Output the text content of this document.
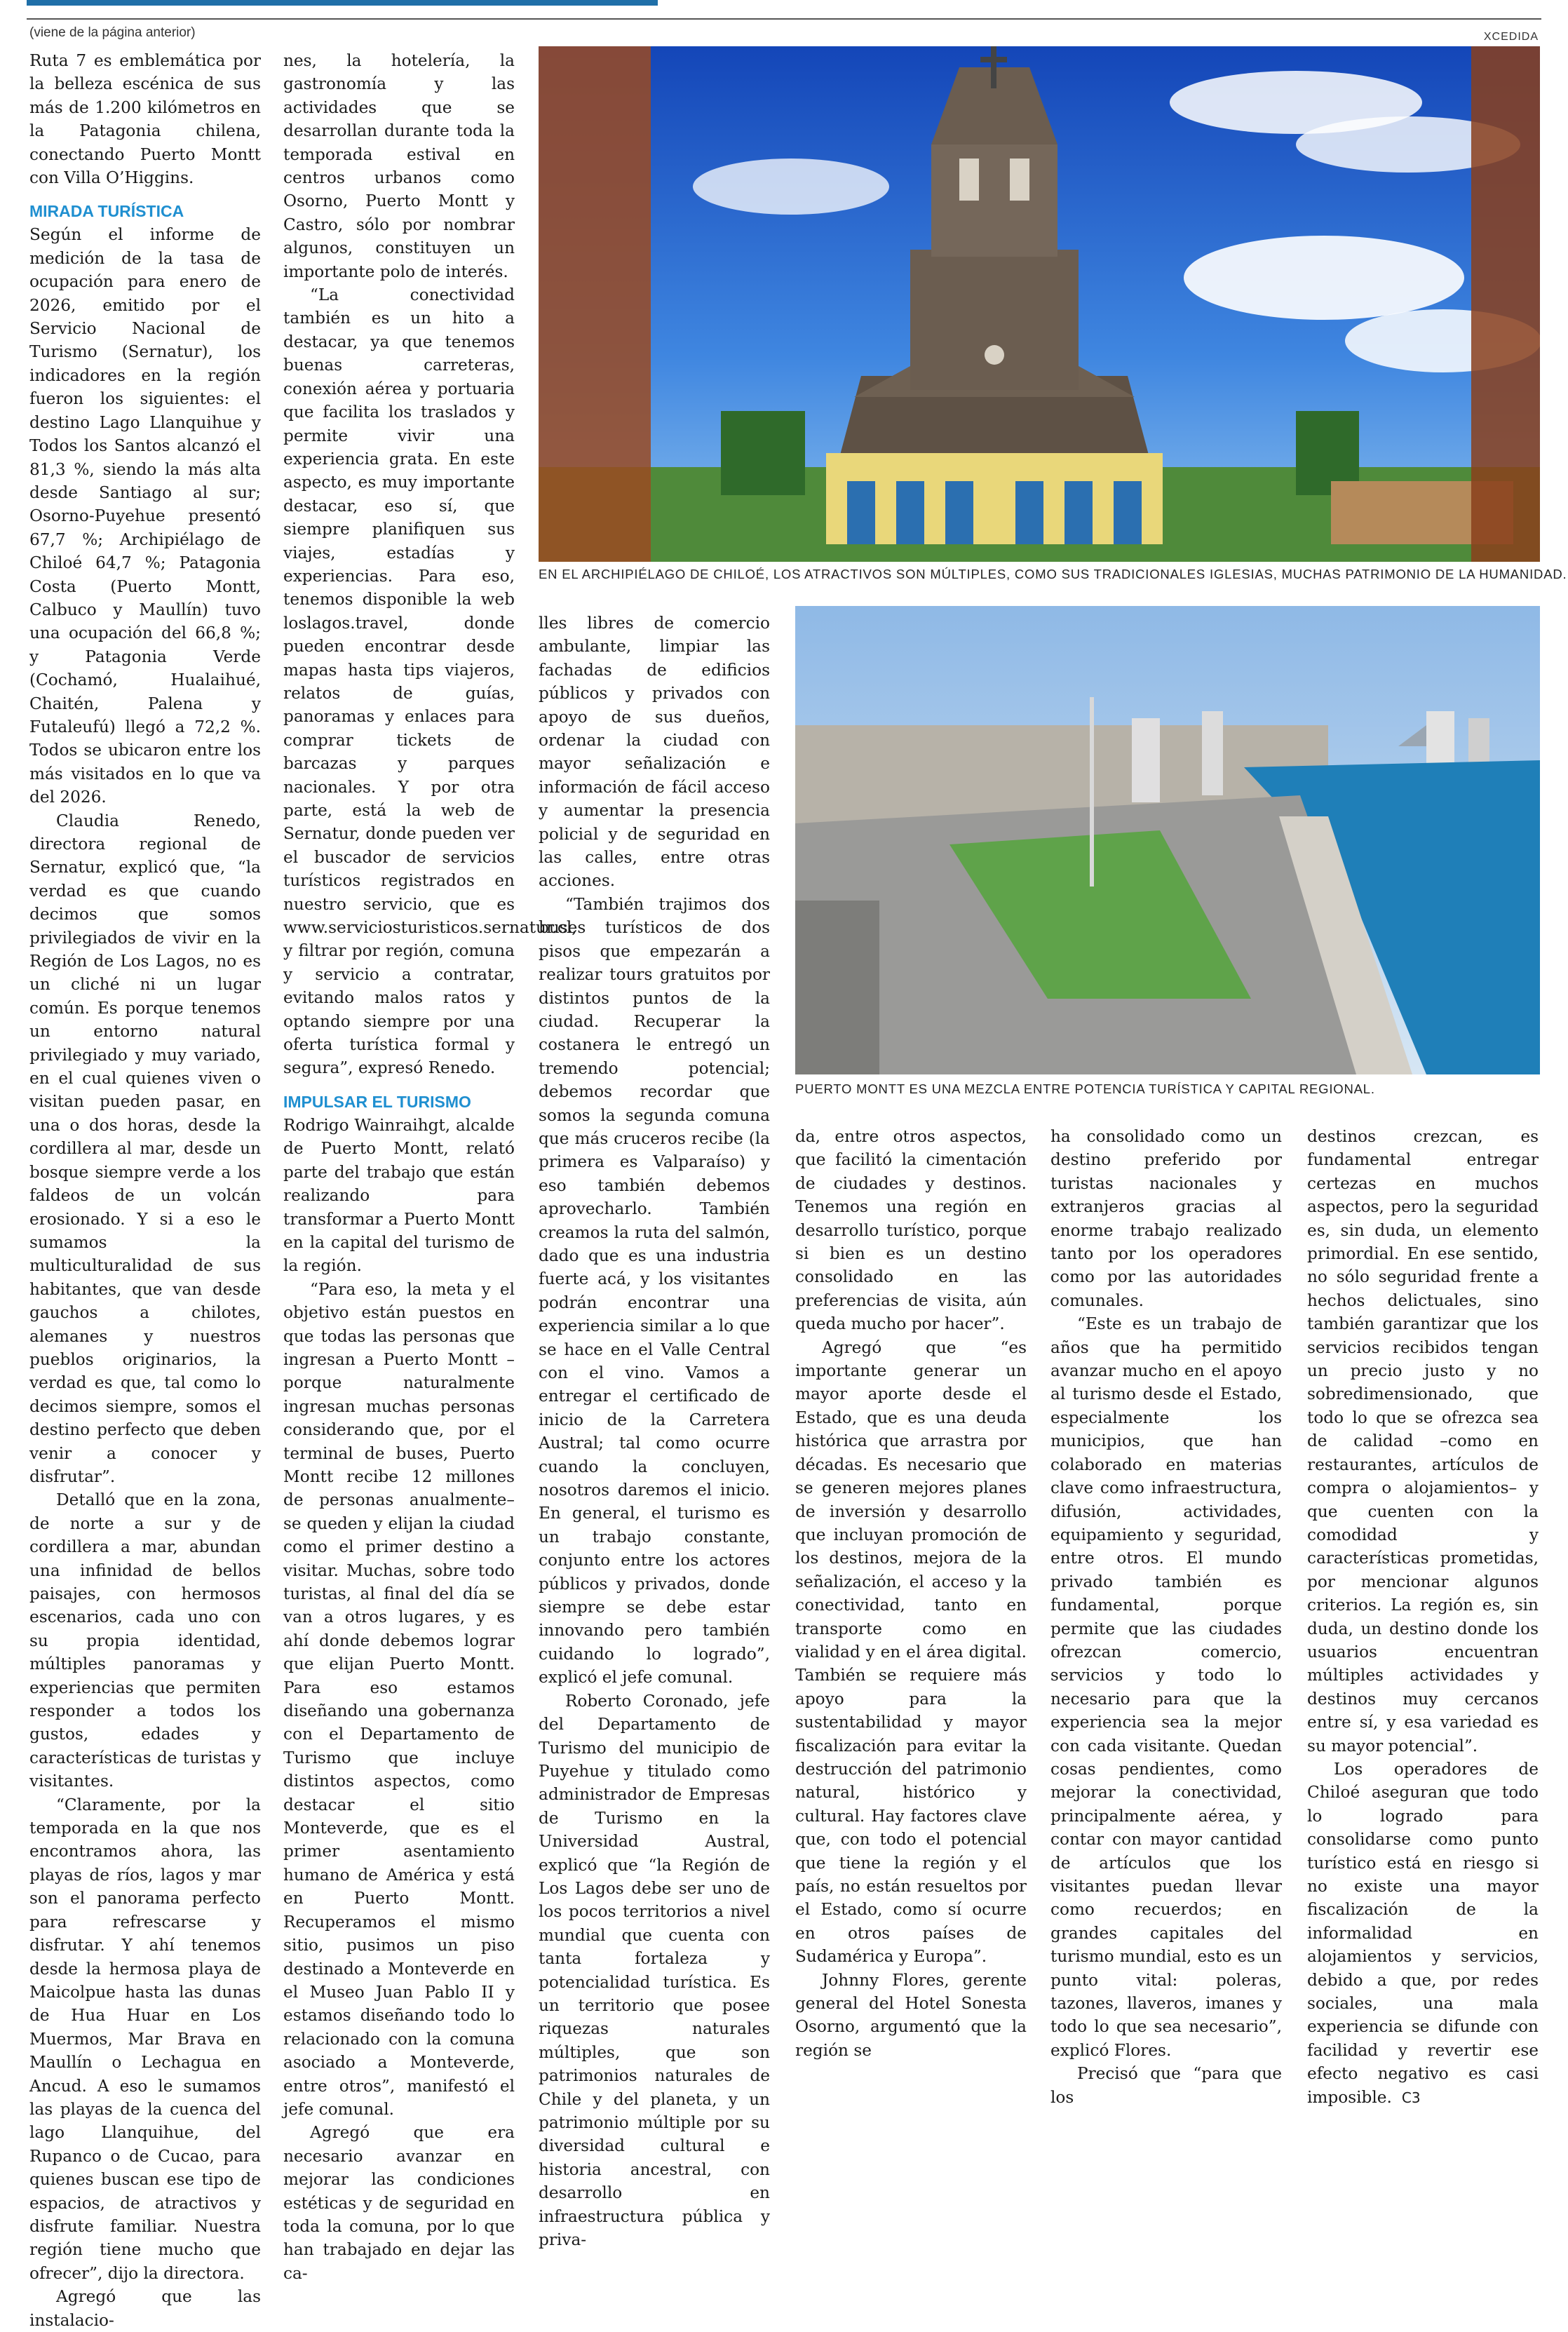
(viene de la página anterior)	XCEDIDA

Ruta 7 es emblemática por la belleza escénica de sus más de 1.200 kilómetros en la Patagonia chilena, conectando Puerto Montt con Villa O’Higgins.

MIRADA TURÍSTICA

Según el informe de medición de la tasa de ocupación para enero de 2026, emitido por el Servicio Nacional de Turismo (Sernatur), los indicadores en la región fueron los siguientes: el destino Lago Llanquihue y Todos los Santos alcanzó el 81,3 %, siendo la más alta desde Santiago al sur; Osorno-Puyehue presentó 67,7 %; Archipiélago de Chiloé 64,7 %; Patagonia Costa (Puerto Montt, Calbuco y Maullín) tuvo una ocupación del 66,8 %; y Patagonia Verde (Cochamó, Hualaihué, Chaitén, Palena y Futaleufú) llegó a 72,2 %. Todos se ubicaron entre los más visitados en lo que va del 2026.

Claudia Renedo, directora regional de Sernatur, explicó que, “la verdad es que cuando decimos que somos privilegiados de vivir en la Región de Los Lagos, no es un cliché ni un lugar común. Es porque tenemos un entorno natural privilegiado y muy variado, en el cual quienes viven o visitan pueden pasar, en una o dos horas, desde la cordillera al mar, desde un bosque siempre verde a los faldeos de un volcán erosionado. Y si a eso le sumamos la multiculturalidad de sus habitantes, que van desde gauchos a chilotes, alemanes y nuestros pueblos originarios, la verdad es que, tal como lo decimos siempre, somos el destino perfecto que deben venir a conocer y disfrutar”.

Detalló que en la zona, de norte a sur y de cordillera a mar, abundan una infinidad de bellos paisajes, con hermosos escenarios, cada uno con su propia identidad, múltiples panoramas y experiencias que permiten responder a todos los gustos, edades y características de turistas y visitantes.

“Claramente, por la temporada en la que nos encontramos ahora, las playas de ríos, lagos y mar son el panorama perfecto para refrescarse y disfrutar. Y ahí tenemos desde la hermosa playa de Maicolpue hasta las dunas de Hua Huar en Los Muermos, Mar Brava en Maullín o Lechagua en Ancud. A eso le sumamos las playas de la cuenca del lago Llanquihue, del Rupanco o de Cucao, para quienes buscan ese tipo de espacios, de atractivos y disfrute familiar. Nuestra región tiene mucho que ofrecer”, dijo la directora.

Agregó que las instalacio-

nes, la hotelería, la gastronomía y las actividades que se desarrollan durante toda la temporada estival en centros urbanos como Osorno, Puerto Montt y Castro, sólo por nombrar algunos, constituyen un importante polo de interés.

“La conectividad también es un hito a destacar, ya que tenemos buenas carreteras, conexión aérea y portuaria que facilita los traslados y permite vivir una experiencia grata. En este aspecto, es muy importante destacar, eso sí, que siempre planifiquen sus viajes, estadías y experiencias. Para eso, tenemos disponible la web loslagos.travel, donde pueden encontrar desde mapas hasta tips viajeros, relatos de guías, panoramas y enlaces para comprar tickets de barcazas y parques nacionales. Y por otra parte, está la web de Sernatur, donde pueden ver el buscador de servicios turísticos registrados en nuestro servicio, que es www.serviciosturisticos.sernatur.cl, y filtrar por región, comuna y servicio a contratar, evitando malos ratos y optando siempre por una oferta turística formal y segura”, expresó Renedo.

IMPULSAR EL TURISMO

Rodrigo Wainraihgt, alcalde de Puerto Montt, relató parte del trabajo que están realizando para transformar a Puerto Montt en la capital del turismo de la región.

“Para eso, la meta y el objetivo están puestos en que todas las personas que ingresan a Puerto Montt –porque naturalmente ingresan muchas personas considerando que, por el terminal de buses, Puerto Montt recibe 12 millones de personas anualmente– se queden y elijan la ciudad como el primer destino a visitar. Muchas, sobre todo turistas, al final del día se van a otros lugares, y es ahí donde debemos lograr que elijan Puerto Montt. Para eso estamos diseñando una gobernanza con el Departamento de Turismo que incluye distintos aspectos, como destacar el sitio Monteverde, que es el primer asentamiento humano de América y está en Puerto Montt. Recuperamos el mismo sitio, pusimos un piso destinado a Monteverde en el Museo Juan Pablo II y estamos diseñando todo lo relacionado con la comuna asociado a Monteverde, entre otros”, manifestó el jefe comunal.

Agregó que era necesario avanzar en mejorar las condiciones estéticas y de seguridad en toda la comuna, por lo que han trabajado en dejar las ca-

EN EL ARCHIPIÉLAGO DE CHILOÉ, LOS ATRACTIVOS SON MÚLTIPLES, COMO SUS TRADICIONALES IGLESIAS, MUCHAS PATRIMONIO DE LA HUMANIDAD.

lles libres de comercio ambulante, limpiar las fachadas de edificios públicos y privados con apoyo de sus dueños, ordenar la ciudad con mayor señalización e información de fácil acceso y aumentar la presencia policial y de seguridad en las calles, entre otras acciones.

“También trajimos dos buses turísticos de dos pisos que empezarán a realizar tours gratuitos por distintos puntos de la ciudad. Recuperar la costanera le entregó un tremendo potencial; debemos recordar que somos la segunda comuna que más cruceros recibe (la primera es Valparaíso) y eso también debemos aprovecharlo. También creamos la ruta del salmón, dado que es una industria fuerte acá, y los visitantes podrán encontrar una experiencia similar a lo que se hace en el Valle Central con el vino. Vamos a entregar el certificado de inicio de la Carretera Austral; tal como ocurre cuando la concluyen, nosotros daremos el inicio. En general, el turismo es un trabajo constante, conjunto entre los actores públicos y privados, donde siempre se debe estar innovando pero también cuidando lo logrado”, explicó el jefe comunal.

Roberto Coronado, jefe del Departamento de Turismo del municipio de Puyehue y titulado como administrador de Empresas de Turismo en la Universidad Austral, explicó que “la Región de Los Lagos debe ser uno de los pocos territorios a nivel mundial que cuenta con tanta fortaleza y potencialidad turística. Es un territorio que posee riquezas naturales múltiples, que son patrimonios naturales de Chile y del planeta, y un patrimonio múltiple por su diversidad cultural e historia ancestral, con desarrollo en infraestructura pública y priva-

PUERTO MONTT ES UNA MEZCLA ENTRE POTENCIA TURÍSTICA Y CAPITAL REGIONAL.

da, entre otros aspectos, que facilitó la cimentación de ciudades y destinos. Tenemos una región en desarrollo turístico, porque si bien es un destino consolidado en las preferencias de visita, aún queda mucho por hacer”.

Agregó que “es importante generar un mayor aporte desde el Estado, que es una deuda histórica que arrastra por décadas. Es necesario que se generen mejores planes de inversión y desarrollo que incluyan promoción de los destinos, mejora de la señalización, el acceso y la conectividad, tanto en transporte como en vialidad y en el área digital. También se requiere más apoyo para la sustentabilidad y mayor fiscalización para evitar la destrucción del patrimonio natural, histórico y cultural. Hay factores clave que, con todo el potencial que tiene la región y el país, no están resueltos por el Estado, como sí ocurre en otros países de Sudamérica y Europa”.

Johnny Flores, gerente general del Hotel Sonesta Osorno, argumentó que la región se

ha consolidado como un destino preferido por turistas nacionales y extranjeros gracias al enorme trabajo realizado tanto por los operadores como por las autoridades comunales.

“Este es un trabajo de años que ha permitido avanzar mucho en el apoyo al turismo desde el Estado, especialmente los municipios, que han colaborado en materias clave como infraestructura, difusión, actividades, equipamiento y seguridad, entre otros. El mundo privado también es fundamental, porque permite que las ciudades ofrezcan comercio, servicios y todo lo necesario para que la experiencia sea la mejor con cada visitante. Quedan cosas pendientes, como mejorar la conectividad, principalmente aérea, y contar con mayor cantidad de artículos que los visitantes puedan llevar como recuerdos; en grandes capitales del turismo mundial, esto es un punto vital: poleras, tazones, llaveros, imanes y todo lo que sea necesario”, explicó Flores.

Precisó que “para que los

destinos crezcan, es fundamental entregar certezas en muchos aspectos, pero la seguridad es, sin duda, un elemento primordial. En ese sentido, no sólo seguridad frente a hechos delictuales, sino también garantizar que los servicios recibidos tengan un precio justo y no sobredimensionado, que todo lo que se ofrezca sea de calidad –como en restaurantes, artículos de compra o alojamientos– y que cuenten con la comodidad y características prometidas, por mencionar algunos criterios. La región es, sin duda, un destino donde los usuarios encuentran múltiples actividades y destinos muy cercanos entre sí, y esa variedad es su mayor potencial”.

Los operadores de Chiloé aseguran que todo lo logrado para consolidarse como punto turístico está en riesgo si no existe una mayor fiscalización de la informalidad en alojamientos y servicios, debido a que, por redes sociales, una mala experiencia se difunde con facilidad y revertir ese efecto negativo es casi imposible. C3
